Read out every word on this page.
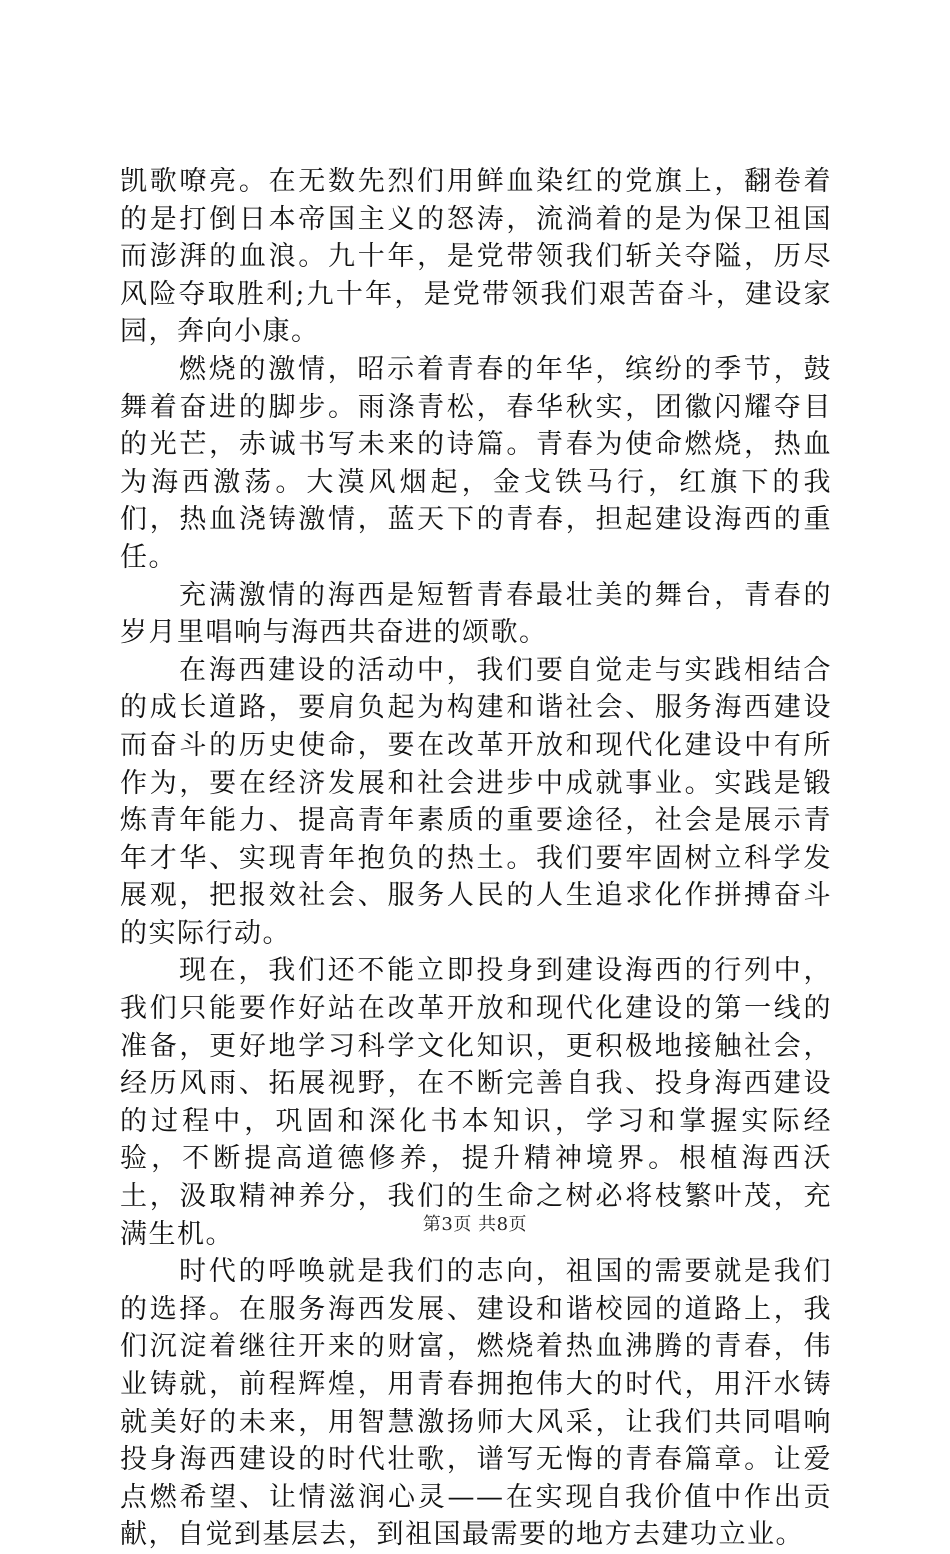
凯歌嘹亮。在无数先烈们用鲜血染红的党旗上，翻卷着的是打倒日本帝国主义的怒涛，流淌着的是为保卫祖国而澎湃的血浪。九十年，是党带领我们斩关夺隘，历尽风险夺取胜利;九十年，是党带领我们艰苦奋斗，建设家园，奔向小康。

燃烧的激情，昭示着青春的年华，缤纷的季节，鼓舞着奋进的脚步。雨涤青松，春华秋实，团徽闪耀夺目的光芒，赤诚书写未来的诗篇。青春为使命燃烧，热血为海西激荡。大漠风烟起，金戈铁马行，红旗下的我们，热血浇铸激情，蓝天下的青春，担起建设海西的重任。

充满激情的海西是短暂青春最壮美的舞台，青春的岁月里唱响与海西共奋进的颂歌。

在海西建设的活动中，我们要自觉走与实践相结合的成长道路，要肩负起为构建和谐社会、服务海西建设而奋斗的历史使命，要在改革开放和现代化建设中有所作为，要在经济发展和社会进步中成就事业。实践是锻炼青年能力、提高青年素质的重要途径，社会是展示青年才华、实现青年抱负的热土。我们要牢固树立科学发展观，把报效社会、服务人民的人生追求化作拼搏奋斗的实际行动。

现在，我们还不能立即投身到建设海西的行列中，我们只能要作好站在改革开放和现代化建设的第一线的准备，更好地学习科学文化知识，更积极地接触社会，经历风雨、拓展视野，在不断完善自我、投身海西建设的过程中，巩固和深化书本知识，学习和掌握实际经验，不断提高道德修养，提升精神境界。根植海西沃土，汲取精神养分，我们的生命之树必将枝繁叶茂，充满生机。

时代的呼唤就是我们的志向，祖国的需要就是我们的选择。在服务海西发展、建设和谐校园的道路上，我们沉淀着继往开来的财富，燃烧着热血沸腾的青春，伟业铸就，前程辉煌，用青春拥抱伟大的时代，用汗水铸就美好的未来，用智慧激扬师大风采，让我们共同唱响投身海西建设的时代壮歌，谱写无悔的青春篇章。让爱点燃希望、让情滋润心灵——在实现自我价值中作出贡献，自觉到基层去，到祖国最需要的地方去建功立业。

第3页 共8页
